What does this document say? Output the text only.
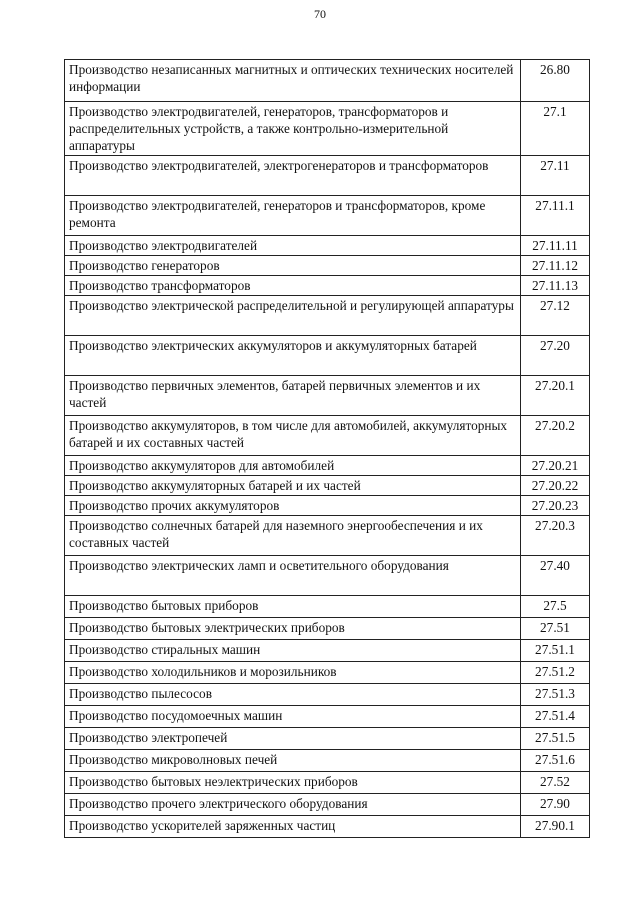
70
Производство незаписанных магнитных и оптических технических носителей информации	26.80
Производство электродвигателей, генераторов, трансформаторов и распределительных устройств, а также контрольно-измерительной аппаратуры	27.1
Производство электродвигателей, электрогенераторов и трансформаторов	27.11
Производство электродвигателей, генераторов и трансформаторов, кроме ремонта	27.11.1
Производство электродвигателей	27.11.11
Производство генераторов	27.11.12
Производство трансформаторов	27.11.13
Производство электрической распределительной и регулирующей аппаратуры	27.12
Производство электрических аккумуляторов и аккумуляторных батарей	27.20
Производство первичных элементов, батарей первичных элементов и их частей	27.20.1
Производство аккумуляторов, в том числе для автомобилей, аккумуляторных батарей и их составных частей	27.20.2
Производство аккумуляторов для автомобилей	27.20.21
Производство аккумуляторных батарей и их частей	27.20.22
Производство прочих аккумуляторов	27.20.23
Производство солнечных батарей для наземного энергообеспечения и их составных частей	27.20.3
Производство электрических ламп и осветительного оборудования	27.40
Производство бытовых приборов	27.5
Производство бытовых электрических приборов	27.51
Производство стиральных машин	27.51.1
Производство холодильников и морозильников	27.51.2
Производство пылесосов	27.51.3
Производство посудомоечных машин	27.51.4
Производство электропечей	27.51.5
Производство микроволновых печей	27.51.6
Производство бытовых неэлектрических приборов	27.52
Производство прочего электрического оборудования	27.90
Производство ускорителей заряженных частиц	27.90.1
